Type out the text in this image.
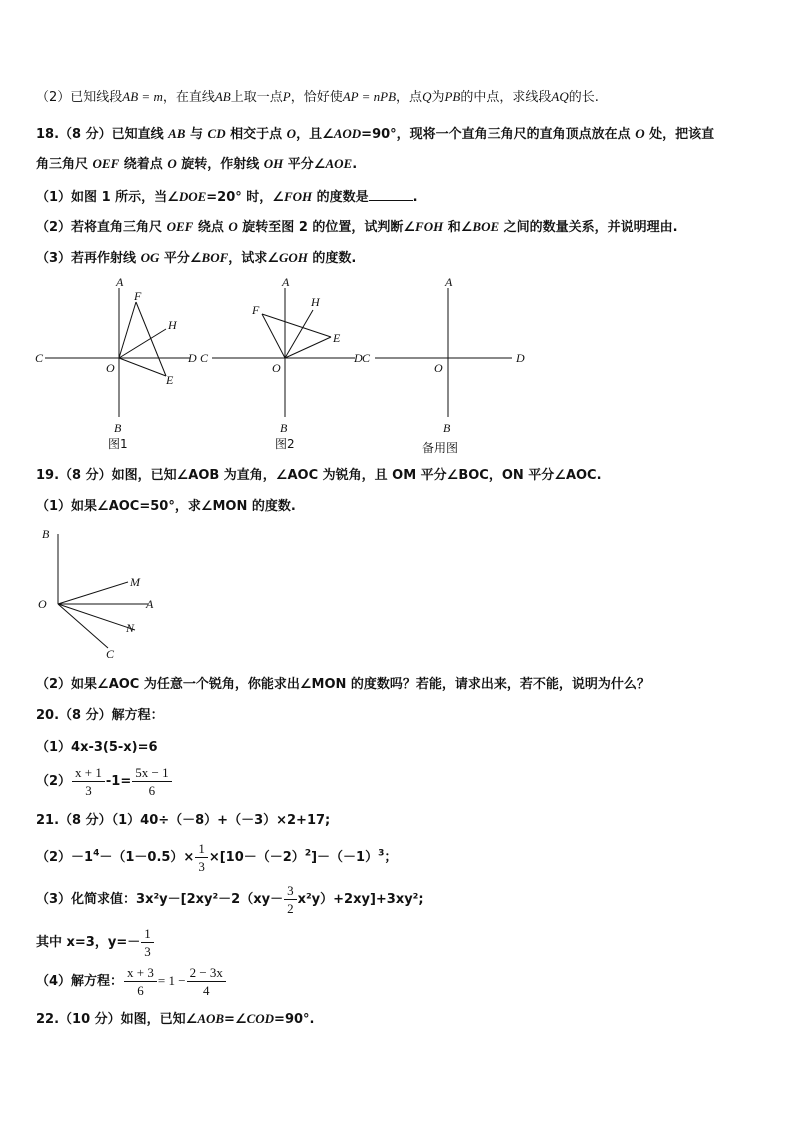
（2）已知线段AB = m，在直线AB上取一点P，恰好使AP = nPB，点Q为PB的中点，求线段AQ的长.
18.（8 分）已知直线 AB 与 CD 相交于点 O，且∠AOD=90°，现将一个直角三角尺的直角顶点放在点 O 处，把该直
角三角尺 OEF 绕着点 O 旋转，作射线 OH 平分∠AOE.
（1）如图 1 所示，当∠DOE=20° 时，∠FOH 的度数是	.
（2）若将直角三角尺 OEF 绕点 O 旋转至图 2 的位置，试判断∠FOH 和∠BOE 之间的数量关系，并说明理由.
（3）若再作射线 OG 平分∠BOF，试求∠GOH 的度数.
A
F
H
C	D
O
E
B
图1
A
H
F
E
C	D
O
B
图2
A
C	D
O
B
备用图
19.（8 分）如图，已知∠AOB 为直角，∠AOC 为锐角，且 OM 平分∠BOC，ON 平分∠AOC.
（1）如果∠AOC=50°，求∠MON 的度数.
B
M
O	A
N
C
（2）如果∠AOC 为任意一个锐角，你能求出∠MON 的度数吗？若能，请求出来，若不能，说明为什么？
20.（8 分）解方程：
（1）4x-3(5-x)=6
$(2) \frac{x + 1}{3} -1= \frac{5x - 1}{6}$
21.（8 分）（1）40÷（－8）+（－3）×2+17;
$(2)-1^4-(1-0.5)\times \frac{1}{3} \times[10-(-2)^2]-(-1)^3$；
（3）化简求值：$3x^2y-[2xy^2-2(xy- \frac{3}{2} x^2y)+2xy]+3xy^2$;
其中 x=3，$y=- \frac{1}{3}$
（4）解方程： $\frac{x + 3}{6} = 1 - \frac{2 - 3x}{4}$
22.（10 分）如图，已知∠AOB=∠COD=90°.
